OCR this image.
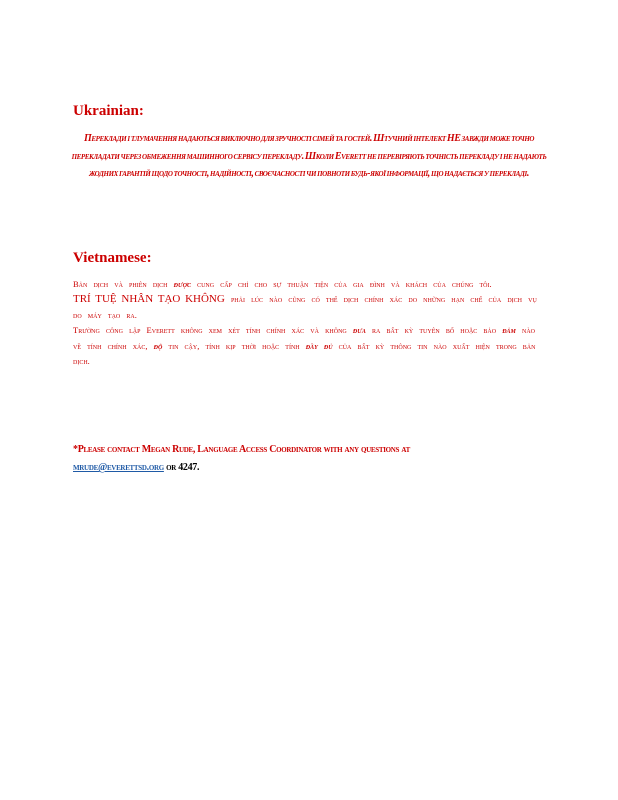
Ukrainian:
Переклади і тлумачення надаються виключно для зручності сімей та гостей. Штучний інтелект НЕ завжди може точно перекладати через обмеження машинного сервісу перекладу. Школи Everett не перевіряють точність перекладу і не надають жодних гарантій щодо точності, надійності, своєчасності чи повноти будь-якої інформації, що надається у перекладі.
Vietnamese:

Bản dịch và phiên dịch được cung cấp chỉ cho sự thuận tiện của gia đình và khách của chúng tôi.

TRÍ TUỆ NHÂN TẠO KHÔNG phải lúc nào cũng có thể dịch chính xác do những hạn chế của dịch vụ do máy tạo ra.

Trường công lập Everett không xem xét tính chính xác và không đưa ra bất kỳ tuyên bố hoặc bảo đảm nào về tính chính xác, độ tin cậy, tính kịp thời hoặc tính đầy đủ của bất kỳ thông tin nào xuất hiện trong bản dịch.

*Please contact Megan Rude, Language Access Coordinator with any questions at
mrude@everettsd.org or 4247.
